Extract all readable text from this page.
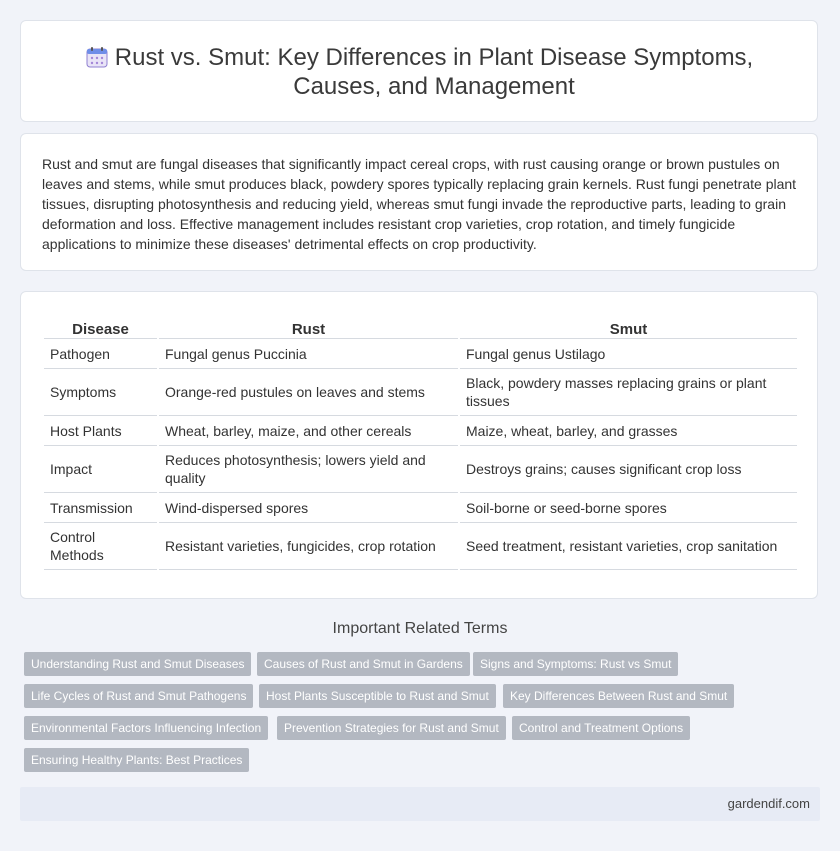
Rust vs. Smut: Key Differences in Plant Disease Symptoms, Causes, and Management
Rust and smut are fungal diseases that significantly impact cereal crops, with rust causing orange or brown pustules on leaves and stems, while smut produces black, powdery spores typically replacing grain kernels. Rust fungi penetrate plant tissues, disrupting photosynthesis and reducing yield, whereas smut fungi invade the reproductive parts, leading to grain deformation and loss. Effective management includes resistant crop varieties, crop rotation, and timely fungicide applications to minimize these diseases' detrimental effects on crop productivity.
Disease	Rust	Smut
Pathogen	Fungal genus Puccinia	Fungal genus Ustilago
Symptoms	Orange-red pustules on leaves and stems	Black, powdery masses replacing grains or plant tissues
Host Plants	Wheat, barley, maize, and other cereals	Maize, wheat, barley, and grasses
Impact	Reduces photosynthesis; lowers yield and quality	Destroys grains; causes significant crop loss
Transmission	Wind-dispersed spores	Soil-borne or seed-borne spores
Control Methods	Resistant varieties, fungicides, crop rotation	Seed treatment, resistant varieties, crop sanitation
Important Related Terms
Understanding Rust and Smut Diseases	Causes of Rust and Smut in Gardens	Signs and Symptoms: Rust vs Smut
Life Cycles of Rust and Smut Pathogens	Host Plants Susceptible to Rust and Smut	Key Differences Between Rust and Smut
Environmental Factors Influencing Infection	Prevention Strategies for Rust and Smut	Control and Treatment Options
Ensuring Healthy Plants: Best Practices
gardendif.com
